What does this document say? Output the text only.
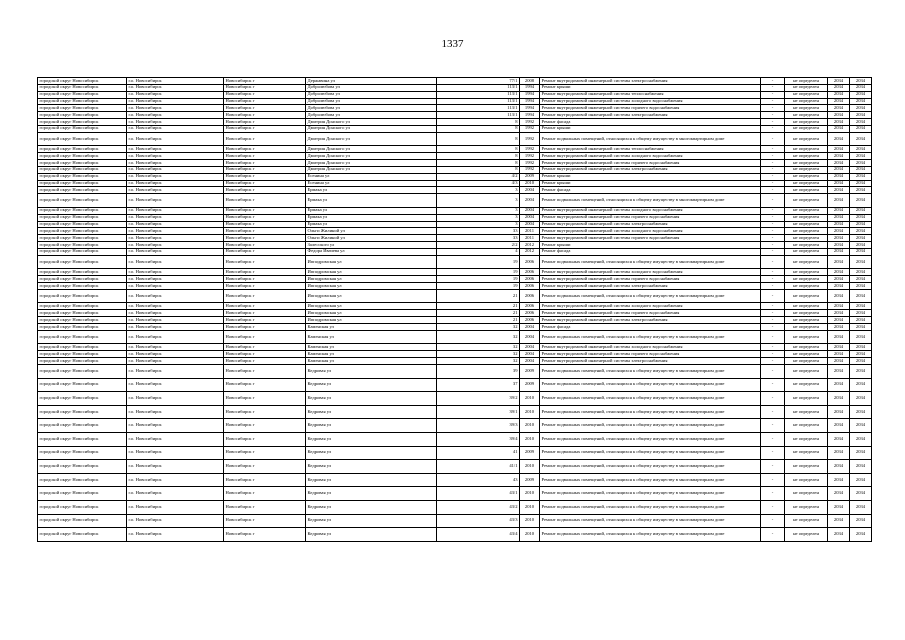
1337
городской округ Новосибирск	г.о. Новосибирск	Новосибирск г	Державина ул	77/1	2008	Ремонт внутридомовой инженерной системы электроснабжения	-	не определен	2034	2034
городской округ Новосибирск	г.о. Новосибирск	Новосибирск г	Добролюбова ул	113/1	1994	Ремонт крыши	-	не определен	2034	2034
городской округ Новосибирск	г.о. Новосибирск	Новосибирск г	Добролюбова ул	113/1	1994	Ремонт внутридомовой инженерной системы теплоснабжения	-	не определен	2034	2034
городской округ Новосибирск	г.о. Новосибирск	Новосибирск г	Добролюбова ул	113/1	1994	Ремонт внутридомовой инженерной системы холодного водоснабжения	-	не определен	2034	2034
городской округ Новосибирск	г.о. Новосибирск	Новосибирск г	Добролюбова ул	113/1	1994	Ремонт внутридомовой инженерной системы горячего водоснабжения	-	не определен	2034	2034
городской округ Новосибирск	г.о. Новосибирск	Новосибирск г	Добролюбова ул	113/1	1994	Ремонт внутридомовой инженерной системы электроснабжения	-	не определен	2034	2034
городской округ Новосибирск	г.о. Новосибирск	Новосибирск г	Дмитрия Донского ул	8	1992	Ремонт фасада	-	не определен	2034	2034
городской округ Новосибирск	г.о. Новосибирск	Новосибирск г	Дмитрия Донского ул	8	1992	Ремонт крыши	-	не определен	2034	2034
городской округ Новосибирск	г.о. Новосибирск	Новосибирск г	Дмитрия Донского ул	8	1992	Ремонт подвальных помещений, относящихся к общему имуществу в многоквартирном доме	-	не определен	2034	2034
городской округ Новосибирск	г.о. Новосибирск	Новосибирск г	Дмитрия Донского ул	8	1992	Ремонт внутридомовой инженерной системы теплоснабжения	-	не определен	2034	2034
городской округ Новосибирск	г.о. Новосибирск	Новосибирск г	Дмитрия Донского ул	8	1992	Ремонт внутридомовой инженерной системы холодного водоснабжения	-	не определен	2034	2034
городской округ Новосибирск	г.о. Новосибирск	Новосибирск г	Дмитрия Донского ул	8	1992	Ремонт внутридомовой инженерной системы горячего водоснабжения	-	не определен	2034	2034
городской округ Новосибирск	г.о. Новосибирск	Новосибирск г	Дмитрия Донского ул	8	1992	Ремонт внутридомовой инженерной системы электроснабжения	-	не определен	2034	2034
городской округ Новосибирск	г.о. Новосибирск	Новосибирск г	Есенина ул	4/2	2009	Ремонт крыши	-	не определен	2034	2034
городской округ Новосибирск	г.о. Новосибирск	Новосибирск г	Есенина ул	4/3	2010	Ремонт крыши	-	не определен	2034	2034
городской округ Новосибирск	г.о. Новосибирск	Новосибирск г	Ермака ул	3	2004	Ремонт фасада	-	не определен	2034	2034
городской округ Новосибирск	г.о. Новосибирск	Новосибирск г	Ермака ул	3	2004	Ремонт подвальных помещений, относящихся к общему имуществу в многоквартирном доме	-	не определен	2034	2034
городской округ Новосибирск	г.о. Новосибирск	Новосибирск г	Ермака ул	3	2004	Ремонт внутридомовой инженерной системы холодного водоснабжения	-	не определен	2034	2034
городской округ Новосибирск	г.о. Новосибирск	Новосибирск г	Ермака ул	3	2004	Ремонт внутридомовой инженерной системы горячего водоснабжения	-	не определен	2034	2034
городской округ Новосибирск	г.о. Новосибирск	Новосибирск г	Ермака ул	3	2004	Ремонт внутридомовой инженерной системы электроснабжения	-	не определен	2034	2034
городской округ Новосибирск	г.о. Новосибирск	Новосибирск г	Ольги Жилиной ул	33	2011	Ремонт внутридомовой инженерной системы холодного водоснабжения	-	не определен	2034	2034
городской округ Новосибирск	г.о. Новосибирск	Новосибирск г	Ольги Жилиной ул	33	2011	Ремонт внутридомовой инженерной системы горячего водоснабжения	-	не определен	2034	2034
городской округ Новосибирск	г.о. Новосибирск	Новосибирск г	Залесского ул	2/2	2012	Ремонт крыши	-	не определен	2034	2034
городской округ Новосибирск	г.о. Новосибирск	Новосибирск г	Федора Ивачева ул	4	2012	Ремонт фасада	-	не определен	2034	2034
городской округ Новосибирск	г.о. Новосибирск	Новосибирск г	Ипподромская ул	19	2006	Ремонт подвальных помещений, относящихся к общему имуществу в многоквартирном доме	-	не определен	2034	2034
городской округ Новосибирск	г.о. Новосибирск	Новосибирск г	Ипподромская ул	19	2006	Ремонт внутридомовой инженерной системы холодного водоснабжения	-	не определен	2034	2034
городской округ Новосибирск	г.о. Новосибирск	Новосибирск г	Ипподромская ул	19	2006	Ремонт внутридомовой инженерной системы горячего водоснабжения	-	не определен	2034	2034
городской округ Новосибирск	г.о. Новосибирск	Новосибирск г	Ипподромская ул	19	2006	Ремонт внутридомовой инженерной системы электроснабжения	-	не определен	2034	2034
городской округ Новосибирск	г.о. Новосибирск	Новосибирск г	Ипподромская ул	21	2006	Ремонт подвальных помещений, относящихся к общему имуществу в многоквартирном доме	-	не определен	2034	2034
городской округ Новосибирск	г.о. Новосибирск	Новосибирск г	Ипподромская ул	21	2006	Ремонт внутридомовой инженерной системы холодного водоснабжения	-	не определен	2034	2034
городской округ Новосибирск	г.о. Новосибирск	Новосибирск г	Ипподромская ул	21	2006	Ремонт внутридомовой инженерной системы горячего водоснабжения	-	не определен	2034	2034
городской округ Новосибирск	г.о. Новосибирск	Новосибирск г	Ипподромская ул	21	2006	Ремонт внутридомовой инженерной системы электроснабжения	-	не определен	2034	2034
городской округ Новосибирск	г.о. Новосибирск	Новосибирск г	Каменская ул	32	2004	Ремонт фасада	-	не определен	2034	2034
городской округ Новосибирск	г.о. Новосибирск	Новосибирск г	Каменская ул	32	2004	Ремонт подвальных помещений, относящихся к общему имуществу в многоквартирном доме	-	не определен	2034	2034
городской округ Новосибирск	г.о. Новосибирск	Новосибирск г	Каменская ул	32	2004	Ремонт внутридомовой инженерной системы холодного водоснабжения	-	не определен	2034	2034
городской округ Новосибирск	г.о. Новосибирск	Новосибирск г	Каменская ул	32	2004	Ремонт внутридомовой инженерной системы горячего водоснабжения	-	не определен	2034	2034
городской округ Новосибирск	г.о. Новосибирск	Новосибирск г	Каменская ул	32	2004	Ремонт внутридомовой инженерной системы электроснабжения	-	не определен	2034	2034
городской округ Новосибирск	г.о. Новосибирск	Новосибирск г	Кедровая ул	39	2009	Ремонт подвальных помещений, относящихся к общему имуществу в многоквартирном доме	-	не определен	2034	2034
городской округ Новосибирск	г.о. Новосибирск	Новосибирск г	Кедровая ул	37	2009	Ремонт подвальных помещений, относящихся к общему имуществу в многоквартирном доме	-	не определен	2034	2034
городской округ Новосибирск	г.о. Новосибирск	Новосибирск г	Кедровая ул	39/2	2010	Ремонт подвальных помещений, относящихся к общему имуществу в многоквартирном доме	-	не определен	2034	2034
городской округ Новосибирск	г.о. Новосибирск	Новосибирск г	Кедровая ул	39/1	2010	Ремонт подвальных помещений, относящихся к общему имуществу в многоквартирном доме	-	не определен	2034	2034
городской округ Новосибирск	г.о. Новосибирск	Новосибирск г	Кедровая ул	39/3	2010	Ремонт подвальных помещений, относящихся к общему имуществу в многоквартирном доме	-	не определен	2034	2034
городской округ Новосибирск	г.о. Новосибирск	Новосибирск г	Кедровая ул	39/4	2010	Ремонт подвальных помещений, относящихся к общему имуществу в многоквартирном доме	-	не определен	2034	2034
городской округ Новосибирск	г.о. Новосибирск	Новосибирск г	Кедровая ул	41	2009	Ремонт подвальных помещений, относящихся к общему имуществу в многоквартирном доме	-	не определен	2034	2034
городской округ Новосибирск	г.о. Новосибирск	Новосибирск г	Кедровая ул	41/1	2010	Ремонт подвальных помещений, относящихся к общему имуществу в многоквартирном доме	-	не определен	2034	2034
городской округ Новосибирск	г.о. Новосибирск	Новосибирск г	Кедровая ул	43	2009	Ремонт подвальных помещений, относящихся к общему имуществу в многоквартирном доме	-	не определен	2034	2034
городской округ Новосибирск	г.о. Новосибирск	Новосибирск г	Кедровая ул	43/1	2010	Ремонт подвальных помещений, относящихся к общему имуществу в многоквартирном доме	-	не определен	2034	2034
городской округ Новосибирск	г.о. Новосибирск	Новосибирск г	Кедровая ул	43/2	2010	Ремонт подвальных помещений, относящихся к общему имуществу в многоквартирном доме	-	не определен	2034	2034
городской округ Новосибирск	г.о. Новосибирск	Новосибирск г	Кедровая ул	43/3	2010	Ремонт подвальных помещений, относящихся к общему имуществу в многоквартирном доме	-	не определен	2034	2034
городской округ Новосибирск	г.о. Новосибирск	Новосибирск г	Кедровая ул	43/4	2010	Ремонт подвальных помещений, относящихся к общему имуществу в многоквартирном доме	-	не определен	2034	2034
